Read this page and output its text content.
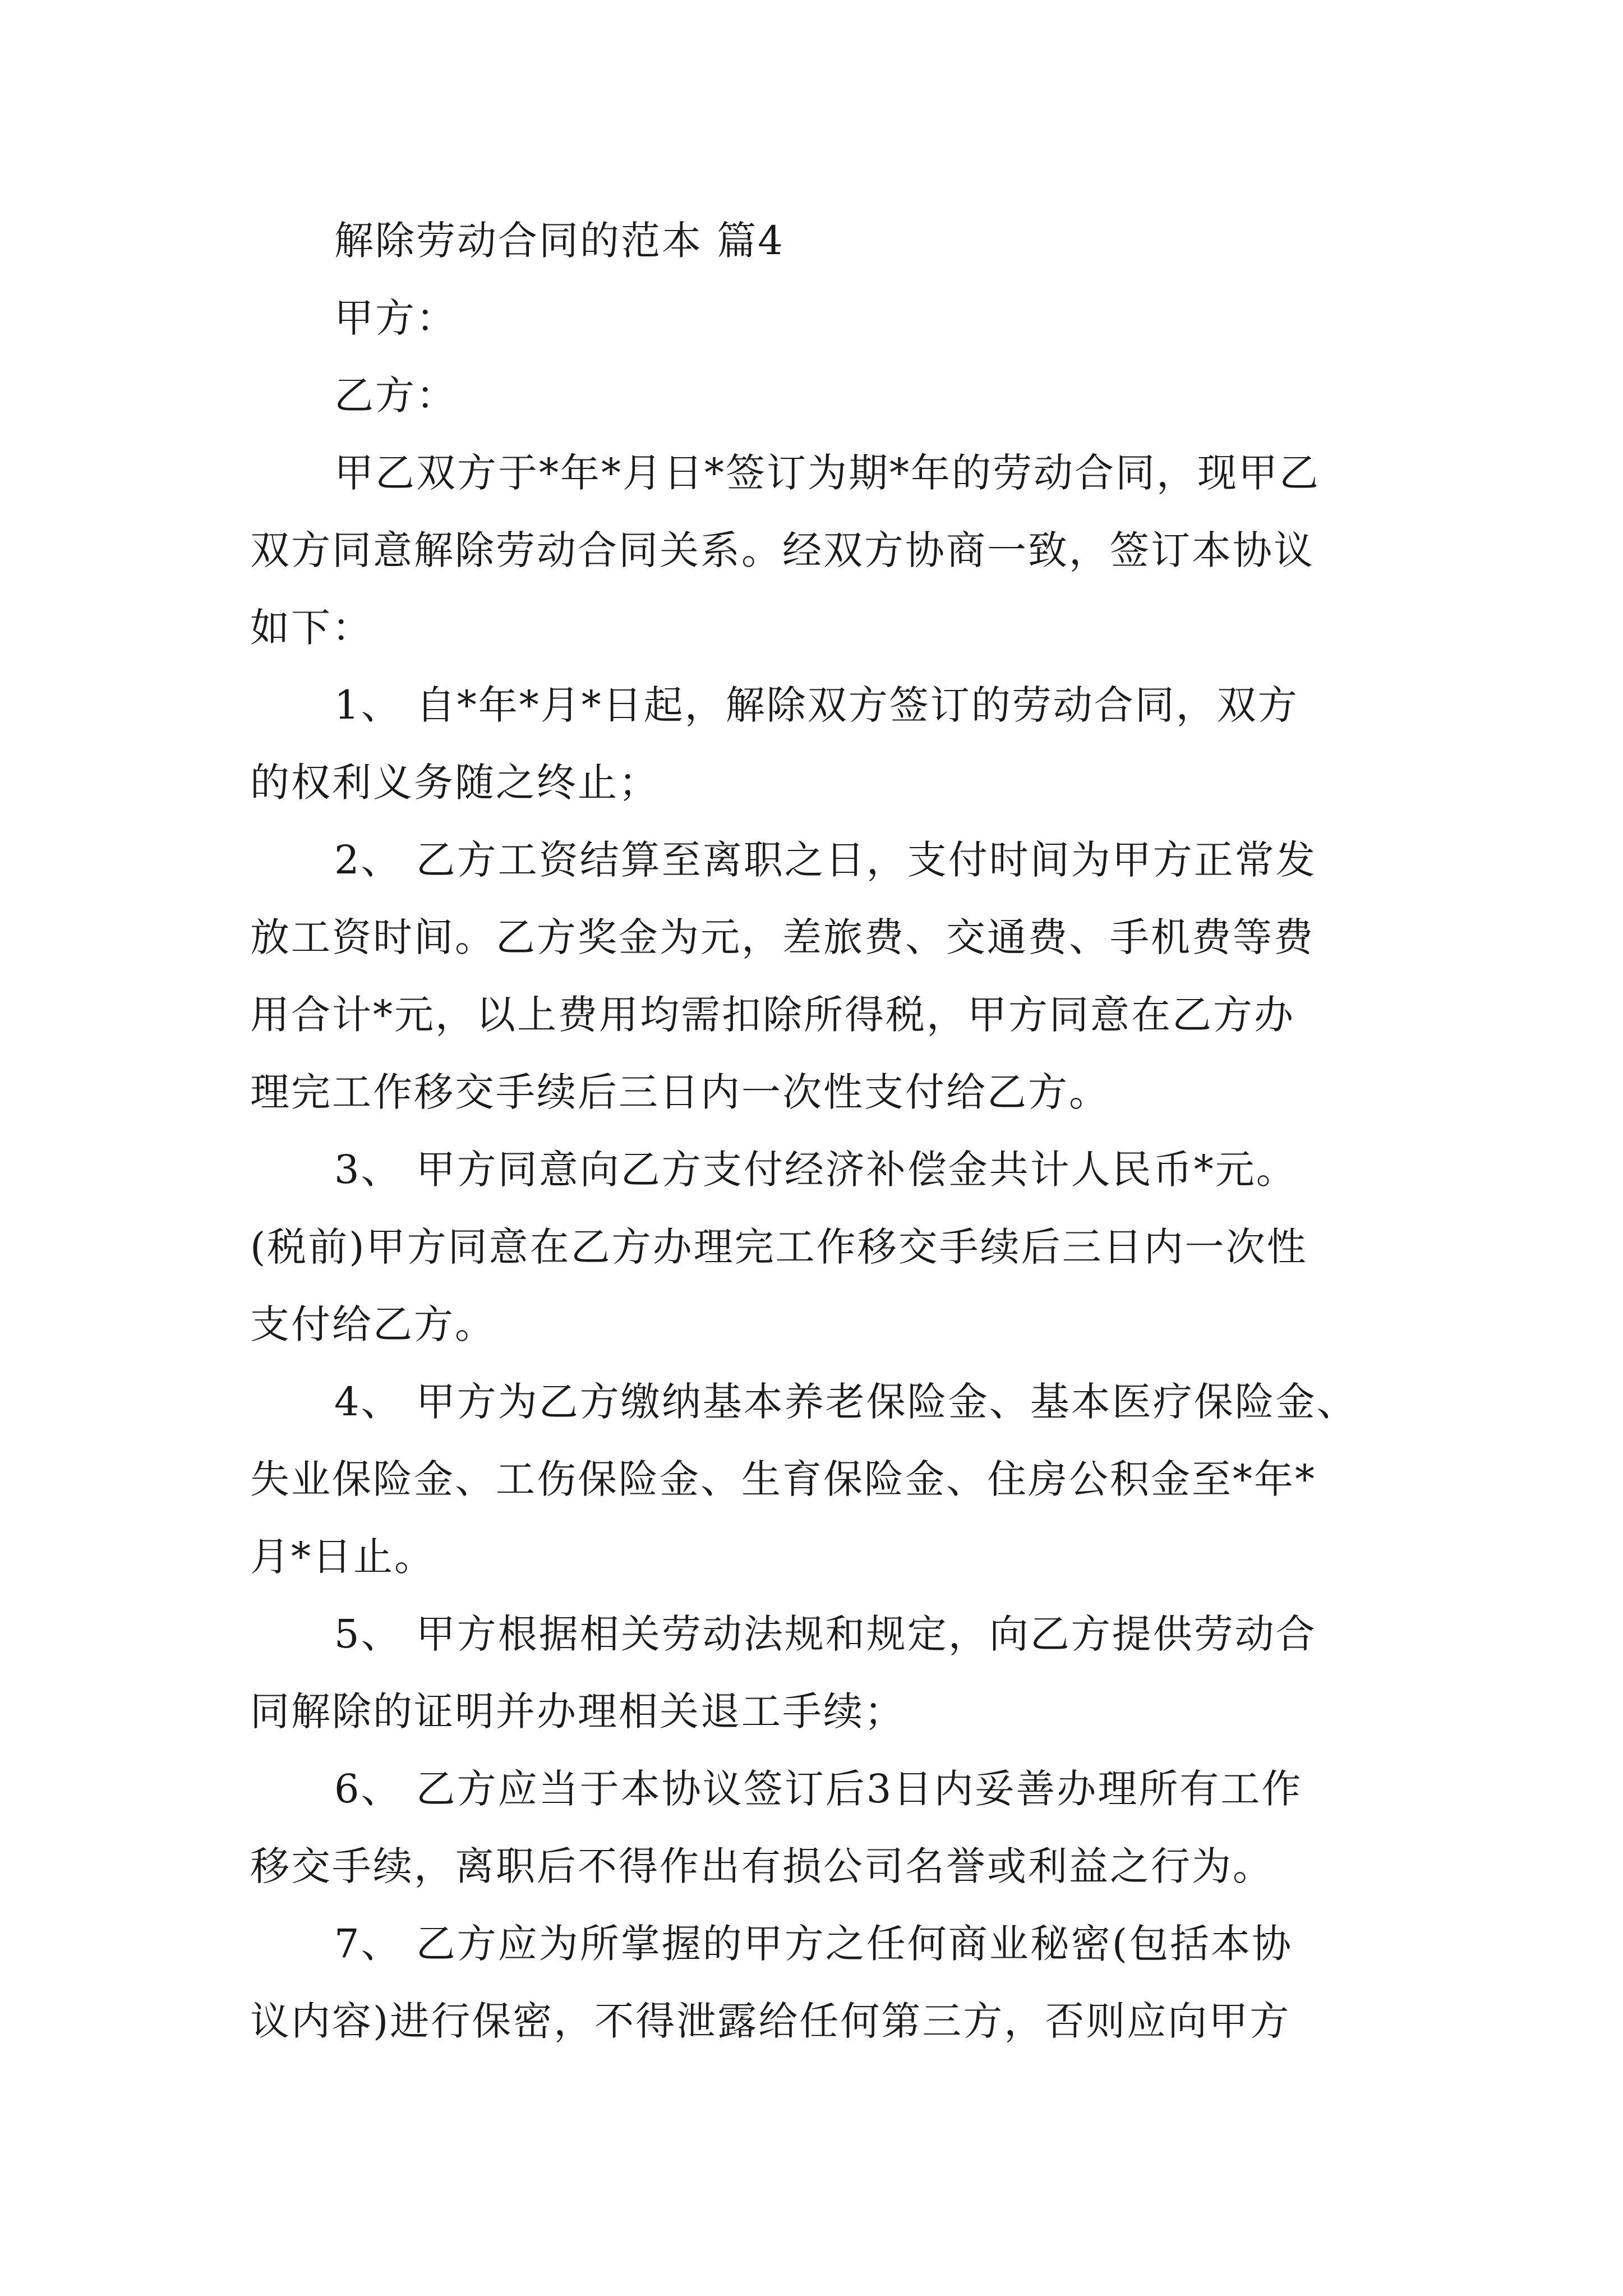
解除劳动合同的范本 篇4
甲方：
乙方：
甲乙双方于*年*月日*签订为期*年的劳动合同，现甲乙
双方同意解除劳动合同关系。经双方协商一致，签订本协议
如下：
1、 自*年*月*日起，解除双方签订的劳动合同，双方
的权利义务随之终止；
2、 乙方工资结算至离职之日，支付时间为甲方正常发
放工资时间。乙方奖金为元，差旅费、交通费、手机费等费
用合计*元，以上费用均需扣除所得税，甲方同意在乙方办
理完工作移交手续后三日内一次性支付给乙方。
3、 甲方同意向乙方支付经济补偿金共计人民币*元。
(税前)甲方同意在乙方办理完工作移交手续后三日内一次性
支付给乙方。
4、 甲方为乙方缴纳基本养老保险金、基本医疗保险金、
失业保险金、工伤保险金、生育保险金、住房公积金至*年*
月*日止。
5、 甲方根据相关劳动法规和规定，向乙方提供劳动合
同解除的证明并办理相关退工手续；
6、 乙方应当于本协议签订后3日内妥善办理所有工作
移交手续，离职后不得作出有损公司名誉或利益之行为。
7、 乙方应为所掌握的甲方之任何商业秘密(包括本协
议内容)进行保密，不得泄露给任何第三方，否则应向甲方
